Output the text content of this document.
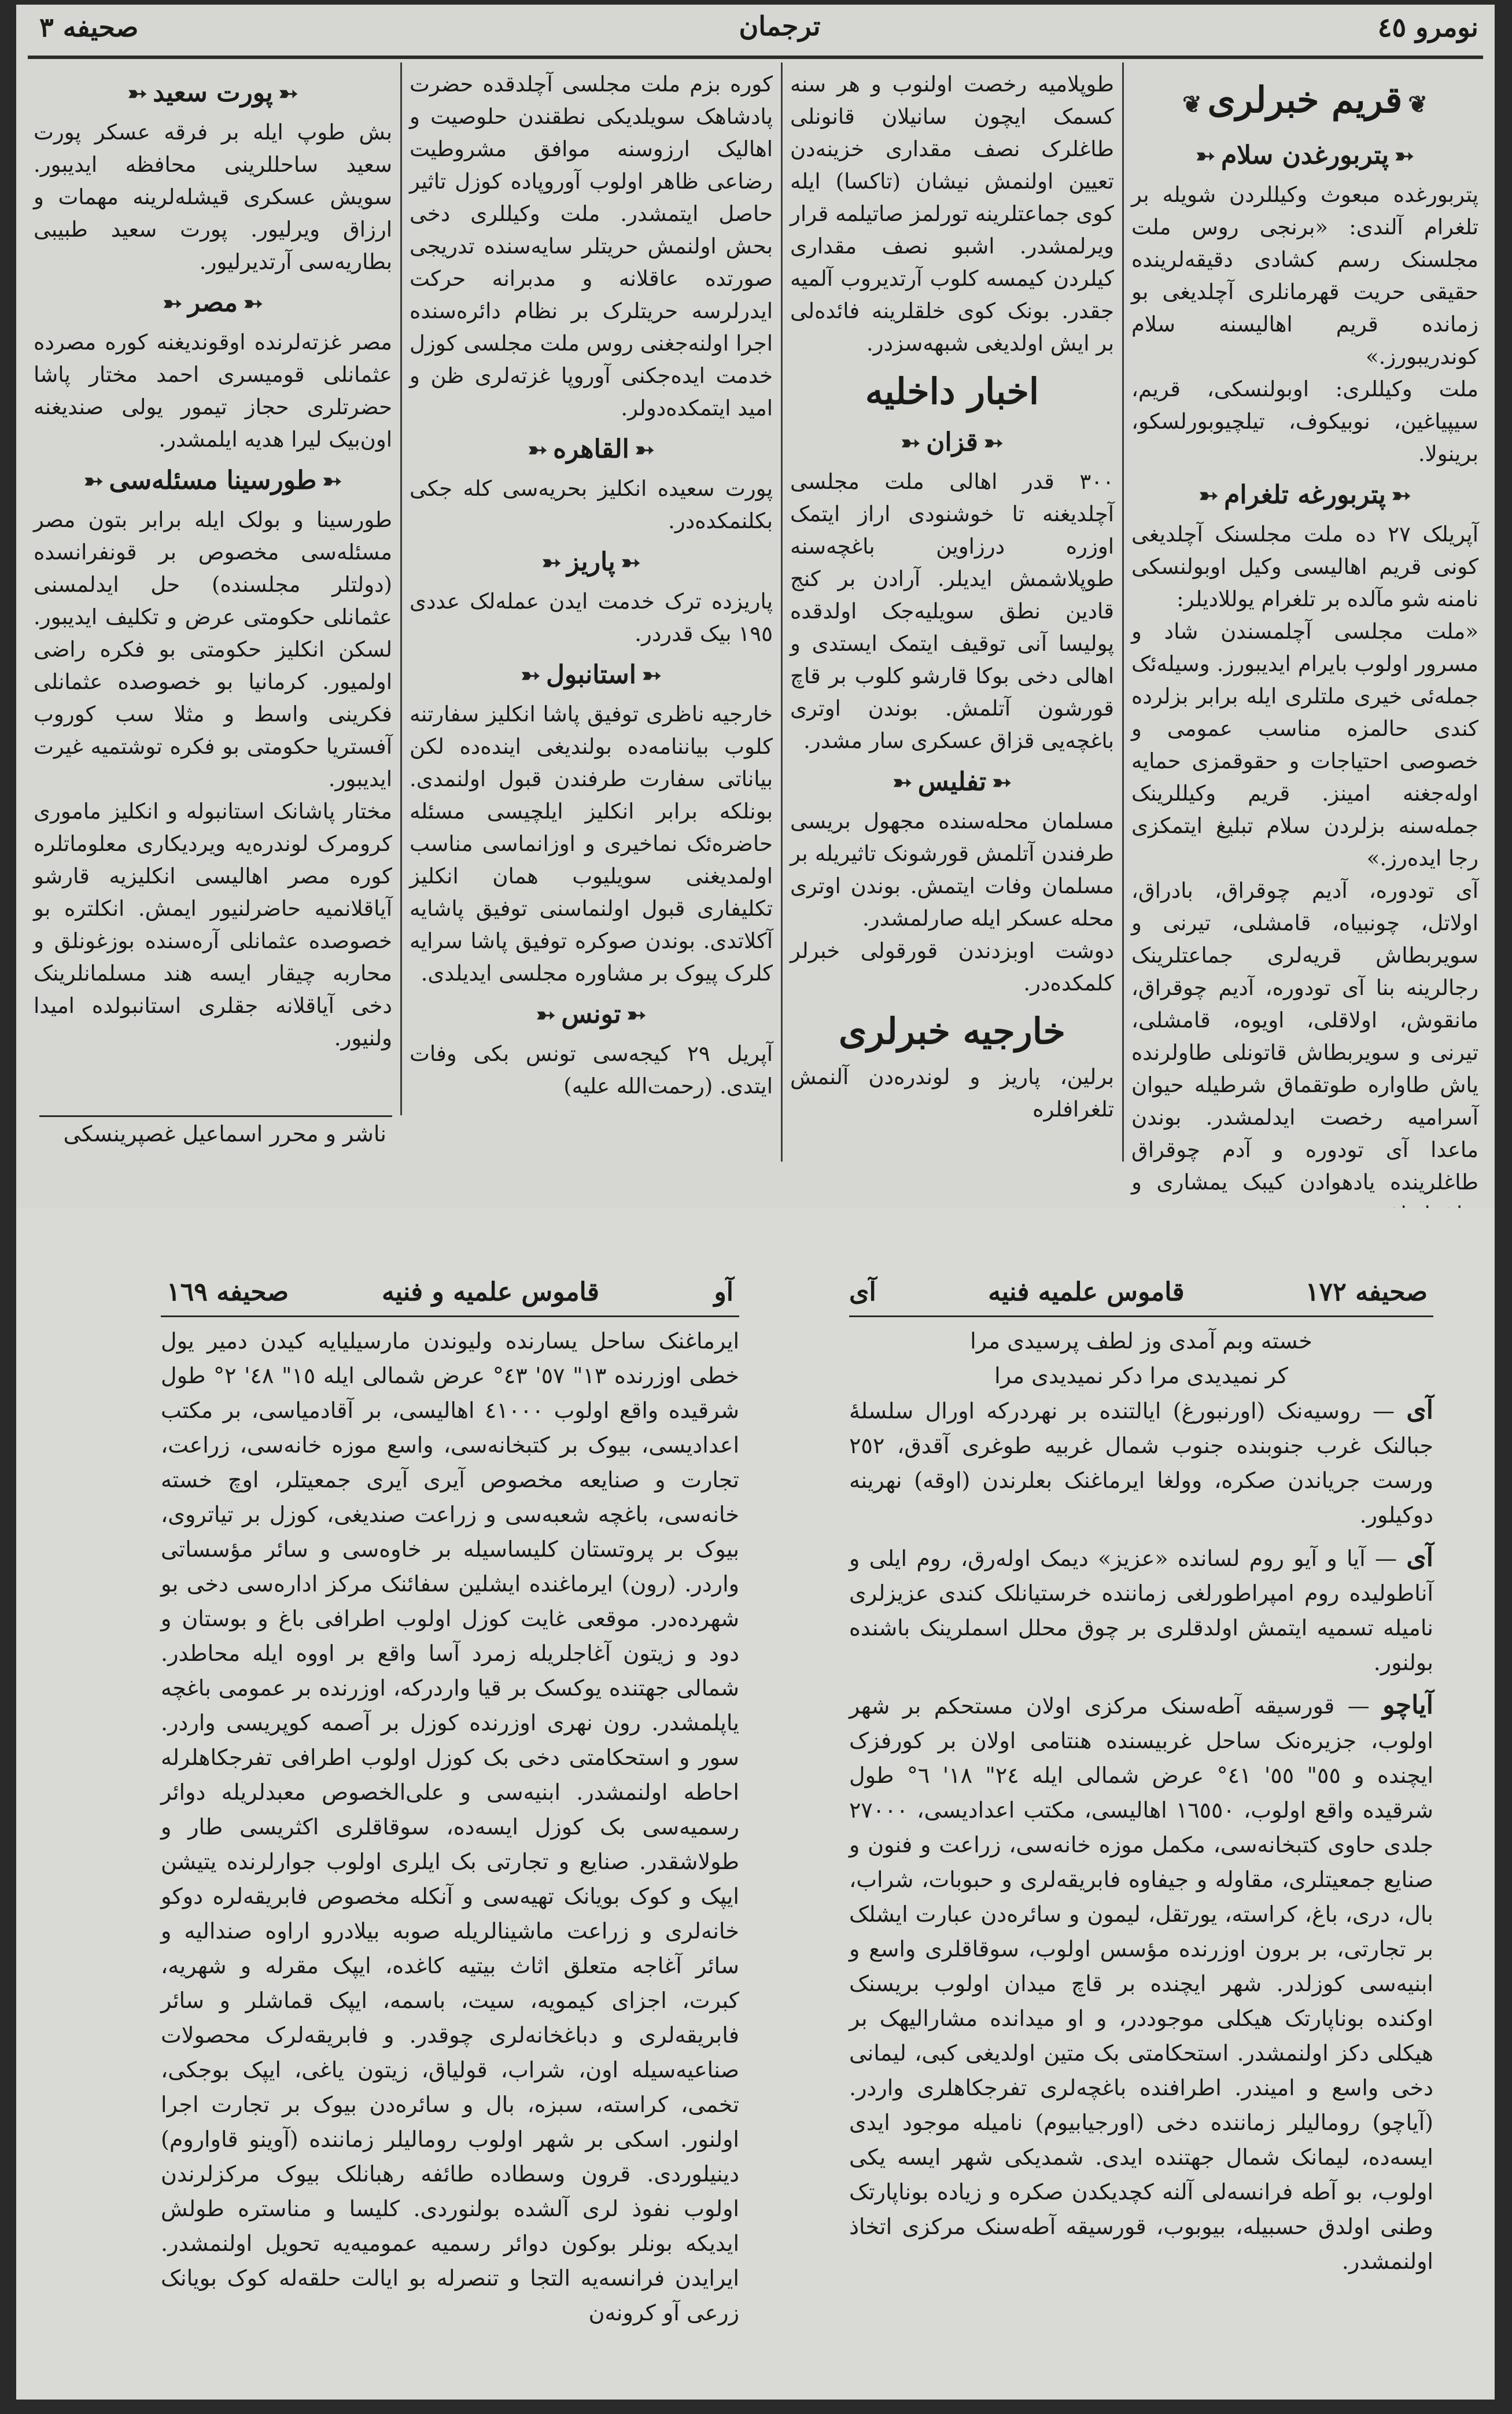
نومرو ٤٥
ترجمان
صحیفه ٣
❦ قریم خبرلری ❦
➳ پتربورغدن سلام ➳

پتربورغده مبعوث وکیللردن شویله بر تلغرام آلندی: «برنجی روس ملت مجلسنک رسم کشادی دقیقه‌لرینده حقیقی حریت قهرمانلری آچلدیغی بو زمانده قریم اهالیسنه سلام کوندریبورز.»

ملت وکیللری: اوبولنسکی، قریم، سیپیاغین، نوبیکوف، تیلچیوبورلسکو، برینولا.

➳ پتربورغه تلغرام ➳

آپریلک ٢٧ ده ملت مجلسنک آچلدیغی کونی قریم اهالیسی وکیل اوبولنسکی نامنه شو مآلده بر تلغرام یوللادیلر:

«ملت مجلسی آچلمسندن شاد و مسرور اولوب بایرام ایدیبورز. وسیله‌ئک جمله‌ئی خیری ملتلری ایله برابر بزلرده کندی حالمزه مناسب عمومی و خصوصی احتیاجات و حقوقمزی حمایه اوله‌جغنه امینز. قریم وکیللرینک جمله‌سنه بزلردن سلام تبلیغ ایتمکزی رجا ایده‌رز.»

آی تودوره، آدیم چوقراق، بادراق، اولاتل، چونبیاه، قامشلی، تیرنی و سویربطاش قریه‌لری جماعتلرینک رجالرینه بنا آی تودوره، آدیم چوقراق، مانقوش، اولاقلی، اویوه، قامشلی، تیرنی و سویربطاش قاتونلی طاولرنده یاش طاواره طوتقماق شرطیله حیوان آسرامیه رخصت ایدلمشدر. بوندن ماعدا آی تودوره و آدم چوقراق طاغلرینده یادهوادن کیبک یمشاری و

طوپلامیه رخصت اولنوب و هر سنه کسمک ایچون سانیلان قانونلی طاغلرک نصف مقداری خزینه‌دن تعیین اولنمش نیشان (تاکسا) ایله کوی جماعتلرینه تورلمز صاتیلمه قرار ویرلمشدر. اشبو نصف مقداری کیلردن کیمسه کلوب آرتدیروب آلمیه جقدر. بونک کوی خلقلرینه فائده‌لی بر ایش اولدیغی شبهه‌سزدر.

اخبار داخلیه
➳ قزان ➳

٣٠٠ قدر اهالی ملت مجلسی آچلدیغنه تا خوشنودی اراز ایتمک اوزره درزاوین باغچه‌سنه طوپلاشمش ایدیلر. آرادن بر کنج قادین نطق سویلیه‌جک اولدقده پولیسا آنی توقیف ایتمک ایستدی و اهالی دخی بوکا قارشو کلوب بر قاچ قورشون آتلمش. بوندن اوتری باغچه‌یی قزاق عسکری سار مشدر.

➳ تفلیس ➳

مسلمان محله‌سنده مجهول بریسی طرفندن آتلمش قورشونک تاثیریله بر مسلمان وفات ایتمش. بوندن اوتری محله عسکر ایله صارلمشدر.

دوشت اوبزدندن قورقولی خبرلر کلمکده‌در.

خارجیه خبرلری

برلین، پاریز و لوندره‌دن آلنمش تلغرافلره

کوره بزم ملت مجلسی آچلدقده حضرت پادشاهک سویلدیکی نطقندن حلوصیت و اهالیک ارزوسنه موافق مشروطیت رضاعی ظاهر اولوب آوروپاده کوزل تاثیر حاصل ایتمشدر. ملت وکیللری دخی بحش اولنمش حریتلر سایه‌سنده تدریجی صورتده عاقلانه و مدبرانه حرکت ایدرلرسه حریتلرک بر نظام دائره‌سنده اجرا اولنه‌جغنی روس ملت مجلسی کوزل خدمت ایده‌جکنی آوروپا غزته‌لری ظن و امید ایتمکده‌دولر.

➳ القاهره ➳

پورت سعیده انکلیز بحریه‌سی کله جکی بکلنمکده‌در.

➳ پاریز ➳

پاریزده ترک خدمت ایدن عمله‌لک عددی ١٩٥ بیک قدردر.

➳ استانبول ➳

خارجیه ناظری توفیق پاشا انکلیز سفارتنه کلوب بیاننامه‌ده بولندیغی اینده‌ده لکن بیاناتی سفارت طرفندن قبول اولنمدی. بونلکه برابر انکلیز ایلچیسی مسئله حاضره‌ئک نماخیری و اوزانماسی مناسب اولمدیغنی سویلیوب همان انکلیز تکلیفاری قبول اولنماسنی توفیق پاشایه آکلاتدی. بوندن صوکره توفیق پاشا سرایه کلرک پیوک بر مشاوره مجلسی ایدیلدی.

➳ تونس ➳

آپریل ٢٩ کیجه‌سی تونس بکی وفات ایتدی. (رحمت‌الله علیه)

➳ پورت سعید ➳

بش طوپ ایله بر فرقه عسکر پورت سعید ساحللرینی محافظه ایدیبور. سویش عسکری قیشله‌لرینه مهمات و ارزاق ویرلیور. پورت سعید طبیبی بطاریه‌سی آرتدیرلیور.

➳ مصر ➳

مصر غزته‌لرنده اوقوندیغنه کوره مصرده عثمانلی قومیسری احمد مختار پاشا حضرتلری حجاز تیمور یولی صندیغنه اون‌بیک لیرا هدیه ایلمشدر.

➳ طورسینا مسئله‌سی ➳

طورسینا و بولک ایله برابر بتون مصر مسئله‌سی مخصوص بر قونفرانسده (دولتلر مجلسنده) حل ایدلمسنی عثمانلی حکومتی عرض و تکلیف ایدیبور. لسکن انکلیز حکومتی بو فکره راضی اولمیور. کرمانیا بو خصوصده عثمانلی فکرینی واسط و مثلا سب کوروب آفستریا حکومتی بو فکره توشتمیه غیرت ایدیبور.

مختار پاشانک استانبوله و انکلیز ماموری کرومرک لوندره‌یه ویردیکاری معلوماتلره کوره مصر اهالیسی انکلیزیه قارشو آیاقلانمیه حاضرلنیور ایمش. انکلتره بو خصوصده عثمانلی آره‌سنده بوزغونلق و محاربه چیقار ایسه هند مسلمانلرینک دخی آیاقلانه جقلری استانبولده امیدا ولنیور.

ناشر و محرر اسماعیل غصپرینسکی
صحیفه ١٦٩	قاموس علمیه و فنیه	آو	آی	قاموس علمیه فنیه	صحیفه ١٧٢

ایرماغنک ساحل یسارنده ولیوندن مارسیلیایه کیدن دمیر یول خطی اوزرنده ١٣" ٥٧' ٤٣° عرض شمالی ایله ١٥" ٤٨' ٢° طول شرقیده واقع اولوب ٤١٠٠٠ اهالیسی، بر آقادمیاسی، بر مکتب اعدادیسی، بیوک بر کتبخانه‌سی، واسع موزه خانه‌سی، زراعت، تجارت و صنایعه مخصوص آیری آیری جمعیتلر، اوچ خسته خانه‌سی، باغچه شعبه‌سی و زراعت صندیغی، کوزل بر تیاتروی، بیوک بر پروتستان کلیساسیله بر خاوه‌سی و سائر مؤسساتی واردر. (رون) ایرماغنده ایشلین سفائنک مرکز اداره‌سی دخی بو شهرده‌در. موقعی غایت کوزل اولوب اطرافی باغ و بوستان و دود و زیتون آغاجلریله زمرد آسا واقع بر اووه ایله محاطدر. شمالی جهتنده یوکسک بر قیا واردرکه، اوزرنده بر عمومی باغچه یاپلمشدر. رون نهری اوزرنده کوزل بر آصمه کوپریسی واردر. سور و استحکامتی دخی بک کوزل اولوب اطرافی تفرجکاهلرله احاطه اولنمشدر. ابنیه‌سی و علی‌الخصوص معبدلریله دوائر رسمیه‌سی بک کوزل ایسه‌ده، سوقاقلری اکثریسی طار و طولاشقدر. صنایع و تجارتی بک ایلری اولوب جوارلرنده یتیشن ایپک و کوک بویانک تهیه‌سی و آنکله مخصوص فابریقه‌لره دوکو خانه‌لری و زراعت ماشینالریله صوبه بیلادرو اراوه صندالیه و سائر آغاجه متعلق اثاث بیتیه کاغده، ایپک مقرله و شهریه، کبرت، اجزای کیمویه، سیت، باسمه، ایپک قماشلر و سائر فابریقه‌لری و دباغخانه‌لری چوقدر. و فابریقه‌لرک محصولات صناعیه‌سیله اون، شراب، قولیاق، زیتون یاغی، ایپک بوجکی، تخمی، کراسته، سبزه، بال و سائره‌دن بیوک بر تجارت اجرا اولنور. اسکی بر شهر اولوب رومالیلر زماننده (آوینو قاواروم) دینیلوردی. قرون وسطاده طائفه رهبانلک بیوک مرکزلرندن اولوب نفوذ لری آلشده بولنوردی. کلیسا و مناستره طولش ایدیکه بونلر بوکون دوائر رسمیه عمومیه‌یه تحویل اولنمشدر. ایرایدن فرانسه‌یه التجا و تنصرله بو ایالت حلقه‌له کوک بویانک زرعی آو کرونه‌ن

خسته وبم آمدی وز لطف پرسیدی مرا

کر نمیدیدی مرا دکر نمیدیدی مرا

آی — روسیه‌نک (اورنبورغ) ایالتنده بر نهردرکه اورال سلسله‌ٔ جبالنک غرب جنوبنده جنوب شمال غربیه طوغری آقدق، ٢٥٢ ورست جریاندن صکره، وولغا ایرماغنک بعلرندن (اوقه) نهرینه دوکیلور.

آی — آیا و آیو روم لسانده «عزیز» دیمک اوله‌رق، روم ایلی و آناطولیده روم امپراطورلغی زماننده خرستیانلک کندی عزیزلری نامیله تسمیه ایتمش اولدقلری بر چوق محلل اسملرینک باشنده بولنور.

آیاچو — قورسیقه آطه‌سنک مرکزی اولان مستحکم بر شهر اولوب، جزیره‌نک ساحل غربیسنده هنتامی اولان بر کورفزک ایچنده و ٥٥" ٥٥' ٤١° عرض شمالی ایله ٢٤" ١٨' ٦° طول شرقیده واقع اولوب، ١٦٥٥٠ اهالیسی، مکتب اعدادیسی، ٢٧٠٠٠ جلدی حاوی کتبخانه‌سی، مکمل موزه خانه‌سی، زراعت و فنون و صنایع جمعیتلری، مقاوله و جیفاوه فابریقه‌لری و حبوبات، شراب، بال، دری، باغ، کراسته، یورتقل، لیمون و سائره‌دن عبارت ایشلک بر تجارتی، بر برون اوزرنده مؤسس اولوب، سوقاقلری واسع و ابنیه‌سی کوزلدر. شهر ایچنده بر قاچ میدان اولوب بریسنک اوکنده بوناپارتک هیکلی موجوددر، و او میدانده مشارالیهک بر هیکلی دکز اولنمشدر. استحکامتی بک متین اولدیغی کبی، لیمانی دخی واسع و امیندر. اطرافنده باغچه‌لری تفرجکاهلری واردر. (آیاچو) رومالیلر زماننده دخی (اورجیابیوم) نامیله موجود ایدی ایسه‌ده، لیمانک شمال جهتنده ایدی. شمدیکی شهر ایسه یکی اولوب، بو آطه فرانسه‌لی آلنه کچدیکدن صکره و زیاده بوناپارتک وطنی اولدق حسبیله، بیوبوب، قورسیقه آطه‌سنک مرکزی اتخاذ اولنمشدر.
